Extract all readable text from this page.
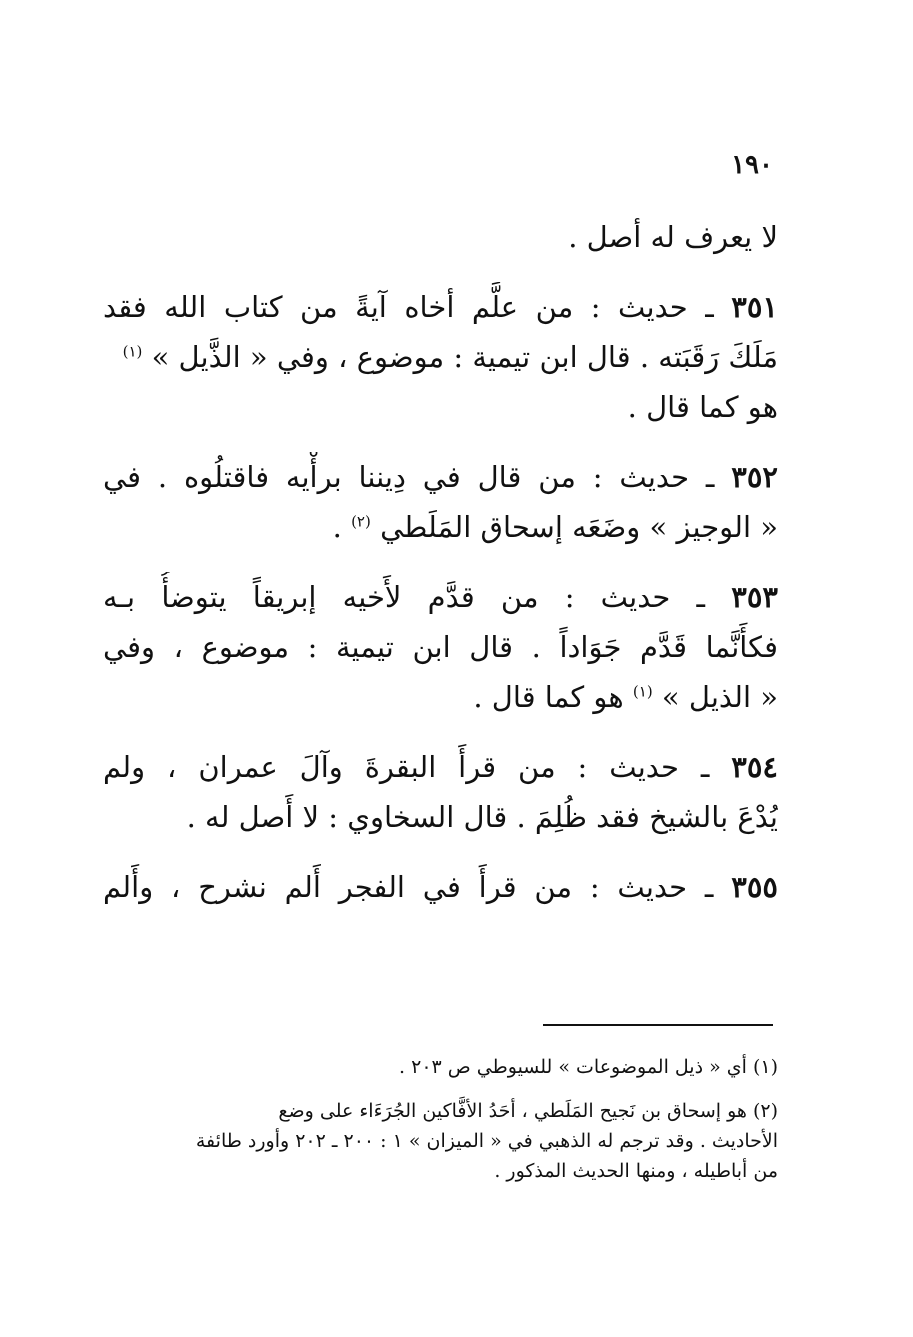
١٩٠
لا يعرف له أصل .
٣٥١ ـ حديث : من علَّم أخاه آيةً من كتاب الله فقد
مَلَكَ رَقَبَته . قال ابن تيمية : موضوع ، وفي « الذَّيل » $^{(١)}$
هو كما قال .
٣٥٢ ـ حديث : من قال في دِيننا برأْيه فاقتلُوه . في
« الوجيز » وضَعَه إسحاق المَلَطي $^{(٢)}$ .
٣٥٣ ـ حديث : من قدَّم لأَخيه إبريقاً يتوضأُ بـه
فكأَنَّما قَدَّم جَوَاداً . قال ابن تيمية : موضوع ، وفي
« الذيل » $^{(١)}$ هو كما قال .
٣٥٤ ـ حديث : من قرأَ البقرةَ وآلَ عمران ، ولم
يُدْعَ بالشيخ فقد ظُلِمَ . قال السخاوي : لا أَصل له .
٣٥٥ ـ حديث : من قرأَ في الفجر أَلم نشرح ، وأَلم
(١) أي « ذيل الموضوعات » للسيوطي ص ٢٠٣ .
(٢) هو إسحاق بن نَجيح المَلَطي ، أحَدُ الأفَّاكين الجُرَءَاء على وضع
الأحاديث . وقد ترجم له الذهبي في « الميزان » ١ : ٢٠٠ ـ ٢٠٢ وأورد طائفة
من أباطيله ، ومنها الحديث المذكور .
